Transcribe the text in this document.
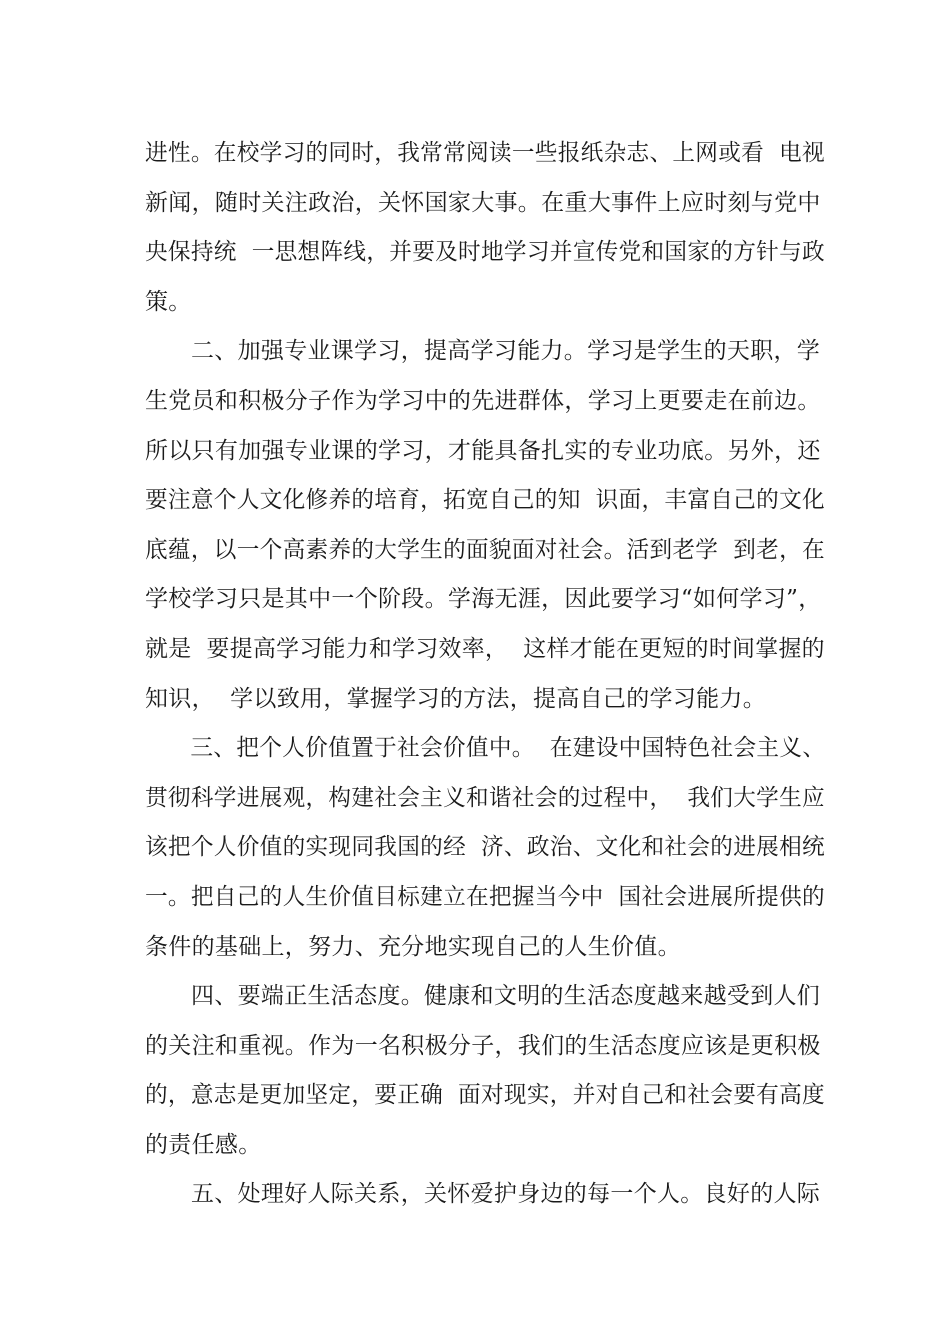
进性。在校学习的同时，我常常阅读一些报纸杂志、上网或看  电视
新闻，随时关注政治，关怀国家大事。在重大事件上应时刻与党中
央保持统  一思想阵线，并要及时地学习并宣传党和国家的方针与政
策。
二、加强专业课学习，提高学习能力。学习是学生的天职，学
生党员和积极分子作为学习中的先进群体，学习上更要走在前边。
所以只有加强专业课的学习，才能具备扎实的专业功底。另外，还
要注意个人文化修养的培育，拓宽自己的知  识面，丰富自己的文化
底蕴，以一个高素养的大学生的面貌面对社会。活到老学  到老，在
学校学习只是其中一个阶段。学海无涯，因此要学习“如何学习”，
就是  要提高学习能力和学习效率，  这样才能在更短的时间掌握的
知识，  学以致用，掌握学习的方法，提高自己的学习能力。
三、把个人价值置于社会价值中。  在建设中国特色社会主义、
贯彻科学进展观，构建社会主义和谐社会的过程中，  我们大学生应
该把个人价值的实现同我国的经  济、政治、文化和社会的进展相统
一。把自己的人生价值目标建立在把握当今中  国社会进展所提供的
条件的基础上，努力、充分地实现自己的人生价值。
四、要端正生活态度。健康和文明的生活态度越来越受到人们
的关注和重视。作为一名积极分子，我们的生活态度应该是更积极
的，意志是更加坚定，要正确  面对现实，并对自己和社会要有高度
的责任感。
五、处理好人际关系，关怀爱护身边的每一个人。良好的人际
